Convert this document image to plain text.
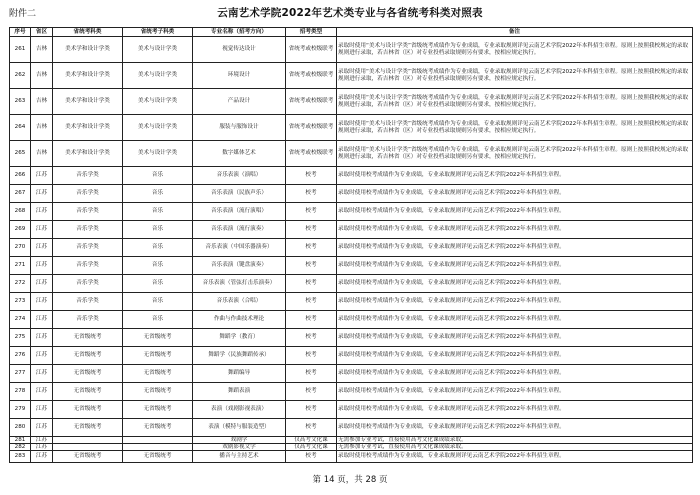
附件二	云南艺术学院2022年艺术类专业与各省统考科类对照表
序号	省区	省统考科类	省统考子科类	专业名称（招考方向）	招考类型	备注
261	吉林	美术学和设计学类	美术与设计学类	视觉传达设计	省统考或校级联考	录取时使用“美术与设计学类”省级统考成绩作为专业成绩，专业录取规则详见云南艺术学院2022年本科招生章程。原则上按照我校规定的录取规则进行录取，若吉林省（区）对专业投档录取规则另有要求，按相应规定执行。
262	吉林	美术学和设计学类	美术与设计学类	环境设计	省统考或校级联考	录取时使用“美术与设计学类”省级统考成绩作为专业成绩，专业录取规则详见云南艺术学院2022年本科招生章程。原则上按照我校规定的录取规则进行录取，若吉林省（区）对专业投档录取规则另有要求，按相应规定执行。
263	吉林	美术学和设计学类	美术与设计学类	产品设计	省统考或校级联考	录取时使用“美术与设计学类”省级统考成绩作为专业成绩，专业录取规则详见云南艺术学院2022年本科招生章程。原则上按照我校规定的录取规则进行录取，若吉林省（区）对专业投档录取规则另有要求，按相应规定执行。
264	吉林	美术学和设计学类	美术与设计学类	服装与服饰设计	省统考或校级联考	录取时使用“美术与设计学类”省级统考成绩作为专业成绩，专业录取规则详见云南艺术学院2022年本科招生章程。原则上按照我校规定的录取规则进行录取，若吉林省（区）对专业投档录取规则另有要求，按相应规定执行。
265	吉林	美术学和设计学类	美术与设计学类	数字媒体艺术	省统考或校级联考	录取时使用“美术与设计学类”省级统考成绩作为专业成绩，专业录取规则详见云南艺术学院2022年本科招生章程。原则上按照我校规定的录取规则进行录取，若吉林省（区）对专业投档录取规则另有要求，按相应规定执行。
266	江苏	音乐学类	音乐	音乐表演（演唱）	校考	录取时使用校考成绩作为专业成绩，专业录取规则详见云南艺术学院2022年本科招生章程。
267	江苏	音乐学类	音乐	音乐表演（民族声乐）	校考	录取时使用校考成绩作为专业成绩，专业录取规则详见云南艺术学院2022年本科招生章程。
268	江苏	音乐学类	音乐	音乐表演（流行演唱）	校考	录取时使用校考成绩作为专业成绩，专业录取规则详见云南艺术学院2022年本科招生章程。
269	江苏	音乐学类	音乐	音乐表演（流行演奏）	校考	录取时使用校考成绩作为专业成绩，专业录取规则详见云南艺术学院2022年本科招生章程。
270	江苏	音乐学类	音乐	音乐表演（中国乐器演奏）	校考	录取时使用校考成绩作为专业成绩，专业录取规则详见云南艺术学院2022年本科招生章程。
271	江苏	音乐学类	音乐	音乐表演（键盘演奏）	校考	录取时使用校考成绩作为专业成绩，专业录取规则详见云南艺术学院2022年本科招生章程。
272	江苏	音乐学类	音乐	音乐表演（管弦打击乐演奏）	校考	录取时使用校考成绩作为专业成绩，专业录取规则详见云南艺术学院2022年本科招生章程。
273	江苏	音乐学类	音乐	音乐表演（合唱）	校考	录取时使用校考成绩作为专业成绩，专业录取规则详见云南艺术学院2022年本科招生章程。
274	江苏	音乐学类	音乐	作曲与作曲技术理论	校考	录取时使用校考成绩作为专业成绩，专业录取规则详见云南艺术学院2022年本科招生章程。
275	江苏	无省级统考	无省级统考	舞蹈学（教育）	校考	录取时使用校考成绩作为专业成绩，专业录取规则详见云南艺术学院2022年本科招生章程。
276	江苏	无省级统考	无省级统考	舞蹈学（民族舞蹈传承）	校考	录取时使用校考成绩作为专业成绩，专业录取规则详见云南艺术学院2022年本科招生章程。
277	江苏	无省级统考	无省级统考	舞蹈编导	校考	录取时使用校考成绩作为专业成绩，专业录取规则详见云南艺术学院2022年本科招生章程。
278	江苏	无省级统考	无省级统考	舞蹈表演	校考	录取时使用校考成绩作为专业成绩，专业录取规则详见云南艺术学院2022年本科招生章程。
279	江苏	无省级统考	无省级统考	表演（戏剧影视表演）	校考	录取时使用校考成绩作为专业成绩，专业录取规则详见云南艺术学院2022年本科招生章程。
280	江苏	无省级统考	无省级统考	表演（模特与服装造型）	校考	录取时使用校考成绩作为专业成绩，专业录取规则详见云南艺术学院2022年本科招生章程。
281	江苏			戏剧学	仅高考文化课	无需参加专业考试，直接使用高考文化课成绩录取。
282	江苏			戏剧影视文学	仅高考文化课	无需参加专业考试，直接使用高考文化课成绩录取。
283	江苏	无省级统考	无省级统考	播音与主持艺术	校考	录取时使用校考成绩作为专业成绩，专业录取规则详见云南艺术学院2022年本科招生章程。
第 14 页，共 28 页
